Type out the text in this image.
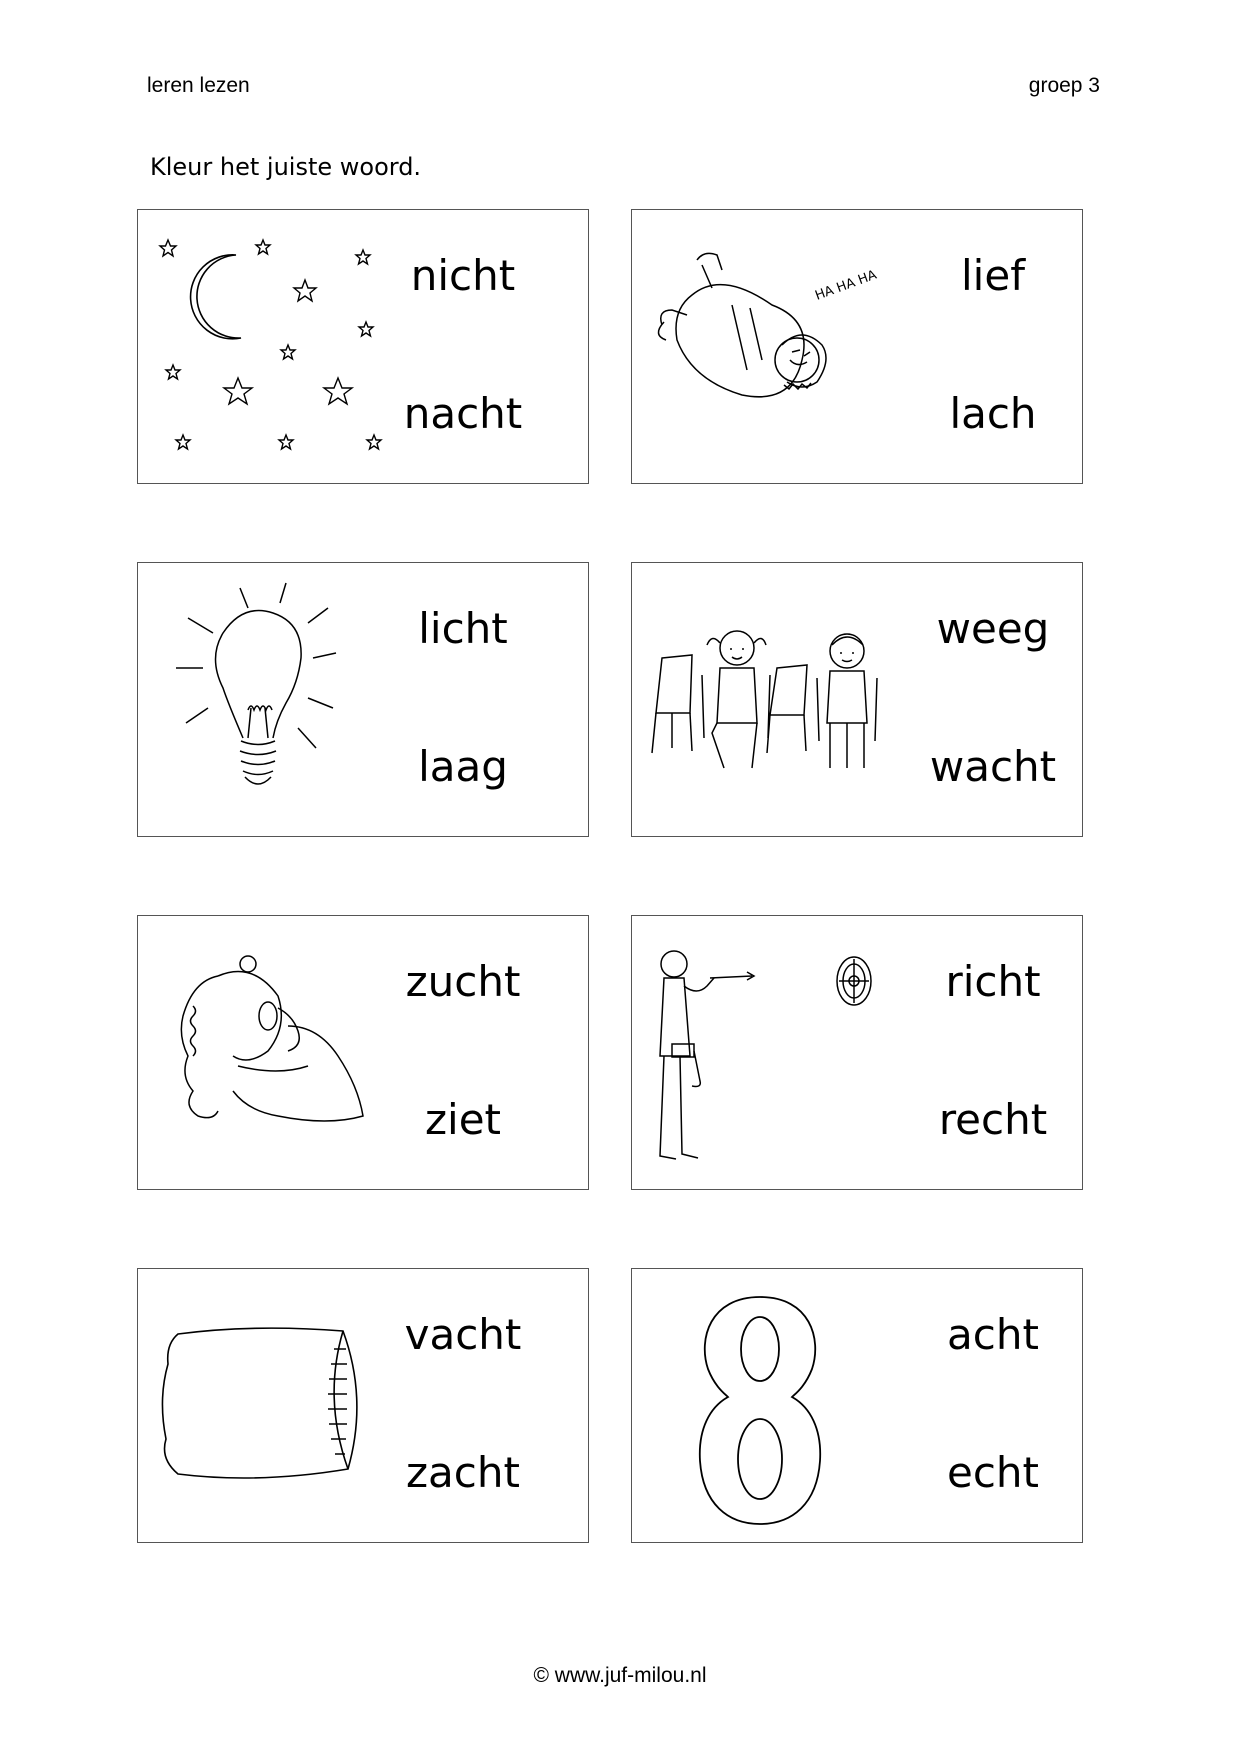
leren lezen	groep 3
Kleur het juiste woord.
nicht
nacht
HA HA HA	lief
lach
licht
laag
weeg
wacht
zucht
ziet
richt
recht
vacht
zacht
acht
echt
© www.juf-milou.nl
